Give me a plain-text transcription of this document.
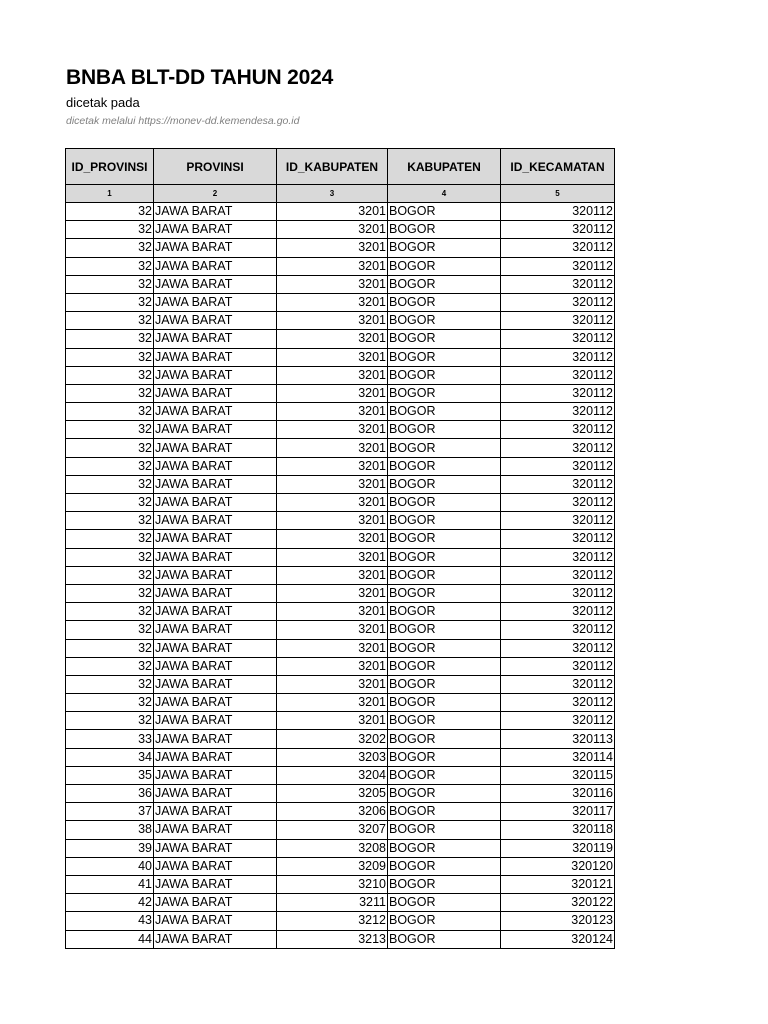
BNBA BLT-DD TAHUN 2024
dicetak pada
dicetak melalui https://monev-dd.kemendesa.go.id
ID_PROVINSI	PROVINSI	ID_KABUPATEN	KABUPATEN	ID_KECAMATAN
1	2	3	4	5
32	JAWA BARAT	3201	BOGOR	320112
32	JAWA BARAT	3201	BOGOR	320112
32	JAWA BARAT	3201	BOGOR	320112
32	JAWA BARAT	3201	BOGOR	320112
32	JAWA BARAT	3201	BOGOR	320112
32	JAWA BARAT	3201	BOGOR	320112
32	JAWA BARAT	3201	BOGOR	320112
32	JAWA BARAT	3201	BOGOR	320112
32	JAWA BARAT	3201	BOGOR	320112
32	JAWA BARAT	3201	BOGOR	320112
32	JAWA BARAT	3201	BOGOR	320112
32	JAWA BARAT	3201	BOGOR	320112
32	JAWA BARAT	3201	BOGOR	320112
32	JAWA BARAT	3201	BOGOR	320112
32	JAWA BARAT	3201	BOGOR	320112
32	JAWA BARAT	3201	BOGOR	320112
32	JAWA BARAT	3201	BOGOR	320112
32	JAWA BARAT	3201	BOGOR	320112
32	JAWA BARAT	3201	BOGOR	320112
32	JAWA BARAT	3201	BOGOR	320112
32	JAWA BARAT	3201	BOGOR	320112
32	JAWA BARAT	3201	BOGOR	320112
32	JAWA BARAT	3201	BOGOR	320112
32	JAWA BARAT	3201	BOGOR	320112
32	JAWA BARAT	3201	BOGOR	320112
32	JAWA BARAT	3201	BOGOR	320112
32	JAWA BARAT	3201	BOGOR	320112
32	JAWA BARAT	3201	BOGOR	320112
32	JAWA BARAT	3201	BOGOR	320112
33	JAWA BARAT	3202	BOGOR	320113
34	JAWA BARAT	3203	BOGOR	320114
35	JAWA BARAT	3204	BOGOR	320115
36	JAWA BARAT	3205	BOGOR	320116
37	JAWA BARAT	3206	BOGOR	320117
38	JAWA BARAT	3207	BOGOR	320118
39	JAWA BARAT	3208	BOGOR	320119
40	JAWA BARAT	3209	BOGOR	320120
41	JAWA BARAT	3210	BOGOR	320121
42	JAWA BARAT	3211	BOGOR	320122
43	JAWA BARAT	3212	BOGOR	320123
44	JAWA BARAT	3213	BOGOR	320124
